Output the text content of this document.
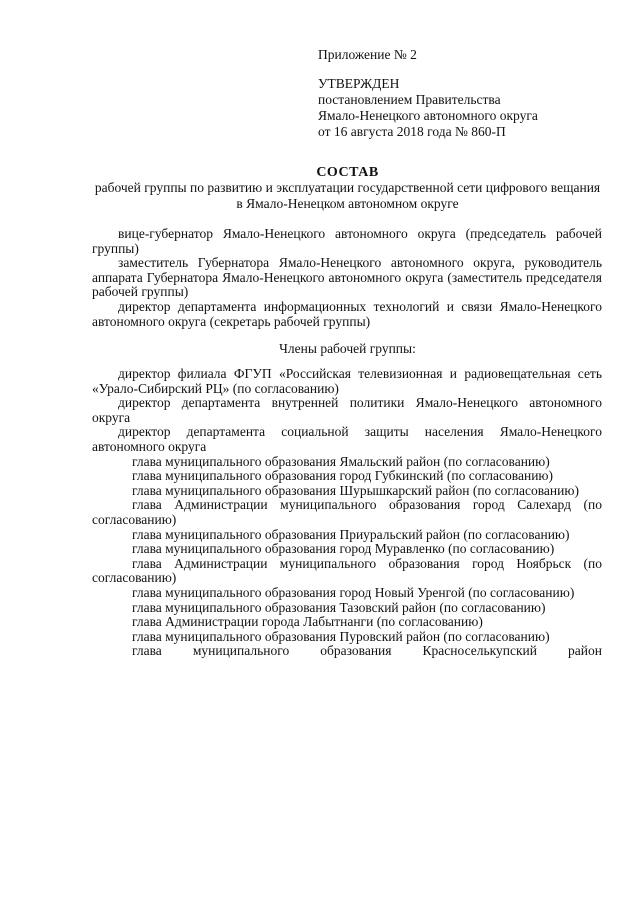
Приложение № 2
УТВЕРЖДЕН
постановлением Правительства
Ямало-Ненецкого автономного округа
от 16 августа 2018 года № 860-П
СОСТАВ
рабочей группы по развитию и эксплуатации государственной сети цифрового вещания в Ямало-Ненецком автономном округе

вице-губернатор Ямало-Ненецкого автономного округа (председатель рабочей группы)

заместитель Губернатора Ямало-Ненецкого автономного округа, руководитель аппарата Губернатора Ямало-Ненецкого автономного округа (заместитель председателя рабочей группы)

директор департамента информационных технологий и связи Ямало-Ненецкого автономного округа (секретарь рабочей группы)

Члены рабочей группы:

директор филиала ФГУП «Российская телевизионная и радиовещательная сеть «Урало-Сибирский РЦ» (по согласованию)

директор департамента внутренней политики Ямало-Ненецкого автономного округа

директор департамента социальной защиты населения Ямало-Ненецкого автономного округа

глава муниципального образования Ямальский район (по согласованию)

глава муниципального образования город Губкинский (по согласованию)

глава муниципального образования Шурышкарский район (по согласованию)

глава Администрации муниципального образования город Салехард (по согласованию)

глава муниципального образования Приуральский район (по согласованию)

глава муниципального образования город Муравленко (по согласованию)

глава Администрации муниципального образования город Ноябрьск (по согласованию)

глава муниципального образования город Новый Уренгой (по согласованию)

глава муниципального образования Тазовский район (по согласованию)

глава Администрации города Лабытнанги (по согласованию)

глава муниципального образования Пуровский район (по согласованию)

глава муниципального образования Красноселькупский район
